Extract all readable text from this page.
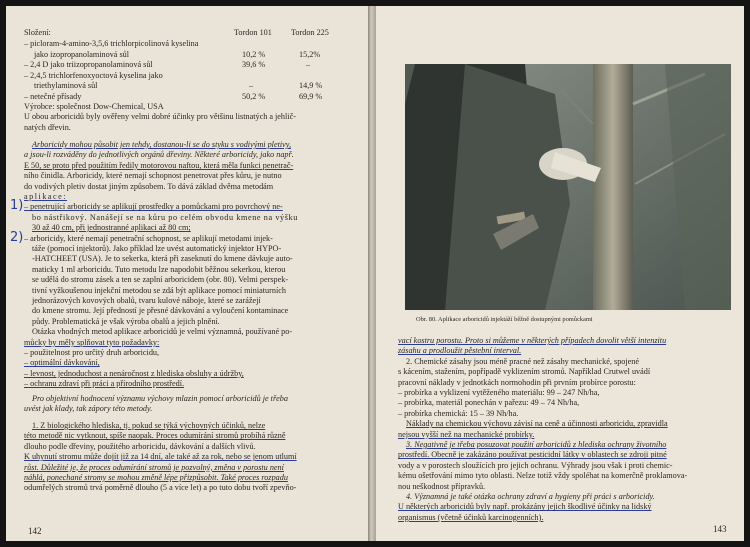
Složení:	Tordon 101 Tordon 225
– picloram-4-amino-3,5,6 trichlorpicolinová kyselina
jako izopropanolaminová sůl	10,2 %	15,2%
– 2,4 D jako triizopropanolaminová sůl	39,6 %	–
– 2,4,5 trichlorfenoxyoctová kyselina jako
triethylaminová sůl	–	14,9 %
– netečné přísady	50,2 %	69,9 %
Výrobce: společnost Dow-Chemical, USA
U obou arboricidů byly ověřeny velmi dobré účinky pro většinu listnatých a jehlič-
natých dřevin.
Arboricidy mohou působit jen tehdy, dostanou-li se do styku s vodivými pletivy,
a jsou-li rozváděny do jednotlivých orgánů dřeviny. Některé arboricidy, jako např.
E 50, se proto před použitím ředily motorovou naftou, která měla funkci penetrač-
ního činidla. Arboricidy, které nemají schopnost penetrovat přes kůru, je nutno
do vodivých pletiv dostat jiným způsobem. To dává základ dvěma metodám
aplikace:
– penetrující arboricidy se aplikují prostředky a pomůckami pro povrchový ne-
bo nástřikový. Nanášejí se na kůru po celém obvodu kmene na výšku
30 až 40 cm, při jednostranné aplikaci až 80 cm;
– arboricidy, které nemají penetrační schopnost, se aplikují metodami injek-
táže (pomocí injektorů). Jako příklad lze uvést automatický injektor HYPO-
-HATCHEET (USA). Je to sekerka, která při zaseknutí do kmene dávkuje auto-
maticky 1 ml arboricidu. Tuto metodu lze napodobit běžnou sekerkou, kterou
se udělá do stromu zásek a ten se zaplní arboricidem (obr. 80). Velmi perspek-
tivní vyžkoušenou injekční metodou se zdá být aplikace pomocí miniaturních
jednorázových kovových obalů, tvaru kulové náboje, které se zarážejí
do kmene stromu. Její předností je přesné dávkování a vyloučení kontaminace
půdy. Problematická je však výroba obalů a jejich plnění.
Otázka vhodných metod aplikace arboricidů je velmi významná, používané po-
můcky by měly splňovat tyto požadavky:
– použitelnost pro určitý druh arboricidu,
– optimální dávkování,
– levnost, jednoduchost a nenáročnost z hlediska obsluhy a údržby,
– ochranu zdraví při práci a přírodního prostředí.
Pro objektivní hodnocení významu výchovy mlazin pomocí arboricidů je třeba
uvést jak klady, tak zápory této metody.
1. Z biologického hlediska, tj. pokud se týká výchovných účinků, nelze
této metodě nic vytknout, spíše naopak. Proces odumírání stromů probíhá různě
dlouho podle dřeviny, použitého arboricidu, dávkování a dalších vlivů.
K uhynutí stromu může dojít již za 14 dní, ale také až za rok, nebo se jenom utlumí
růst. Důležité je, že proces odumírání stromů je pozvolný, změna v porostu není
náhlá, ponechané stromy se mohou změně lépe přizpůsobit. Také proces rozpadu
odumřelých stromů trvá poměrně dlouho (5 a více let) a po tuto dobu tvoří zpevňo-
1)
2)
142
Obr. 80. Aplikace arboricidů injektáží běžně dostupnými pomůckami
vací kostru porostu. Proto si můžeme v některých případech dovolit větší intenzitu
zásahu a prodloužit pěstební interval.
2. Chemické zásahy jsou méně pracné než zásahy mechanické, spojené
s kácením, stažením, popřípadě vyklizením stromů. Například Crutwel uvádí
pracovní náklady v jednotkách normohodin při prvním probírce porostu:
– probírka a vyklizení vytěženého materiálu: 99 – 247 Nh/ha,
– probírka, materiál ponechán v pařezu: 49 – 74 Nh/ha,
– probírka chemická: 15 – 39 Nh/ha.
Náklady na chemickou výchovu závisí na ceně a účinnosti arboricidu, zpravidla
nejsou vyšší než na mechanické probírky.
3. Negativně je třeba posuzovat použití arboricidů z hlediska ochrany životního
prostředí. Obecně je zakázáno používat pesticidní látky v oblastech se zdroji pitné
vody a v porostech sloužících pro jejich ochranu. Výhrady jsou však i proti chemic-
kému ošetřování mimo tyto oblasti. Nelze totiž vždy spoléhat na komerčně proklamova-
nou neškodnost přípravků.
4. Významná je také otázka ochrany zdraví a hygieny při práci s arboricidy.
U některých arboricidů byly např. prokázány jejich škodlivé účinky na lidský
organismus (včetně účinků karcinogenních).
143
